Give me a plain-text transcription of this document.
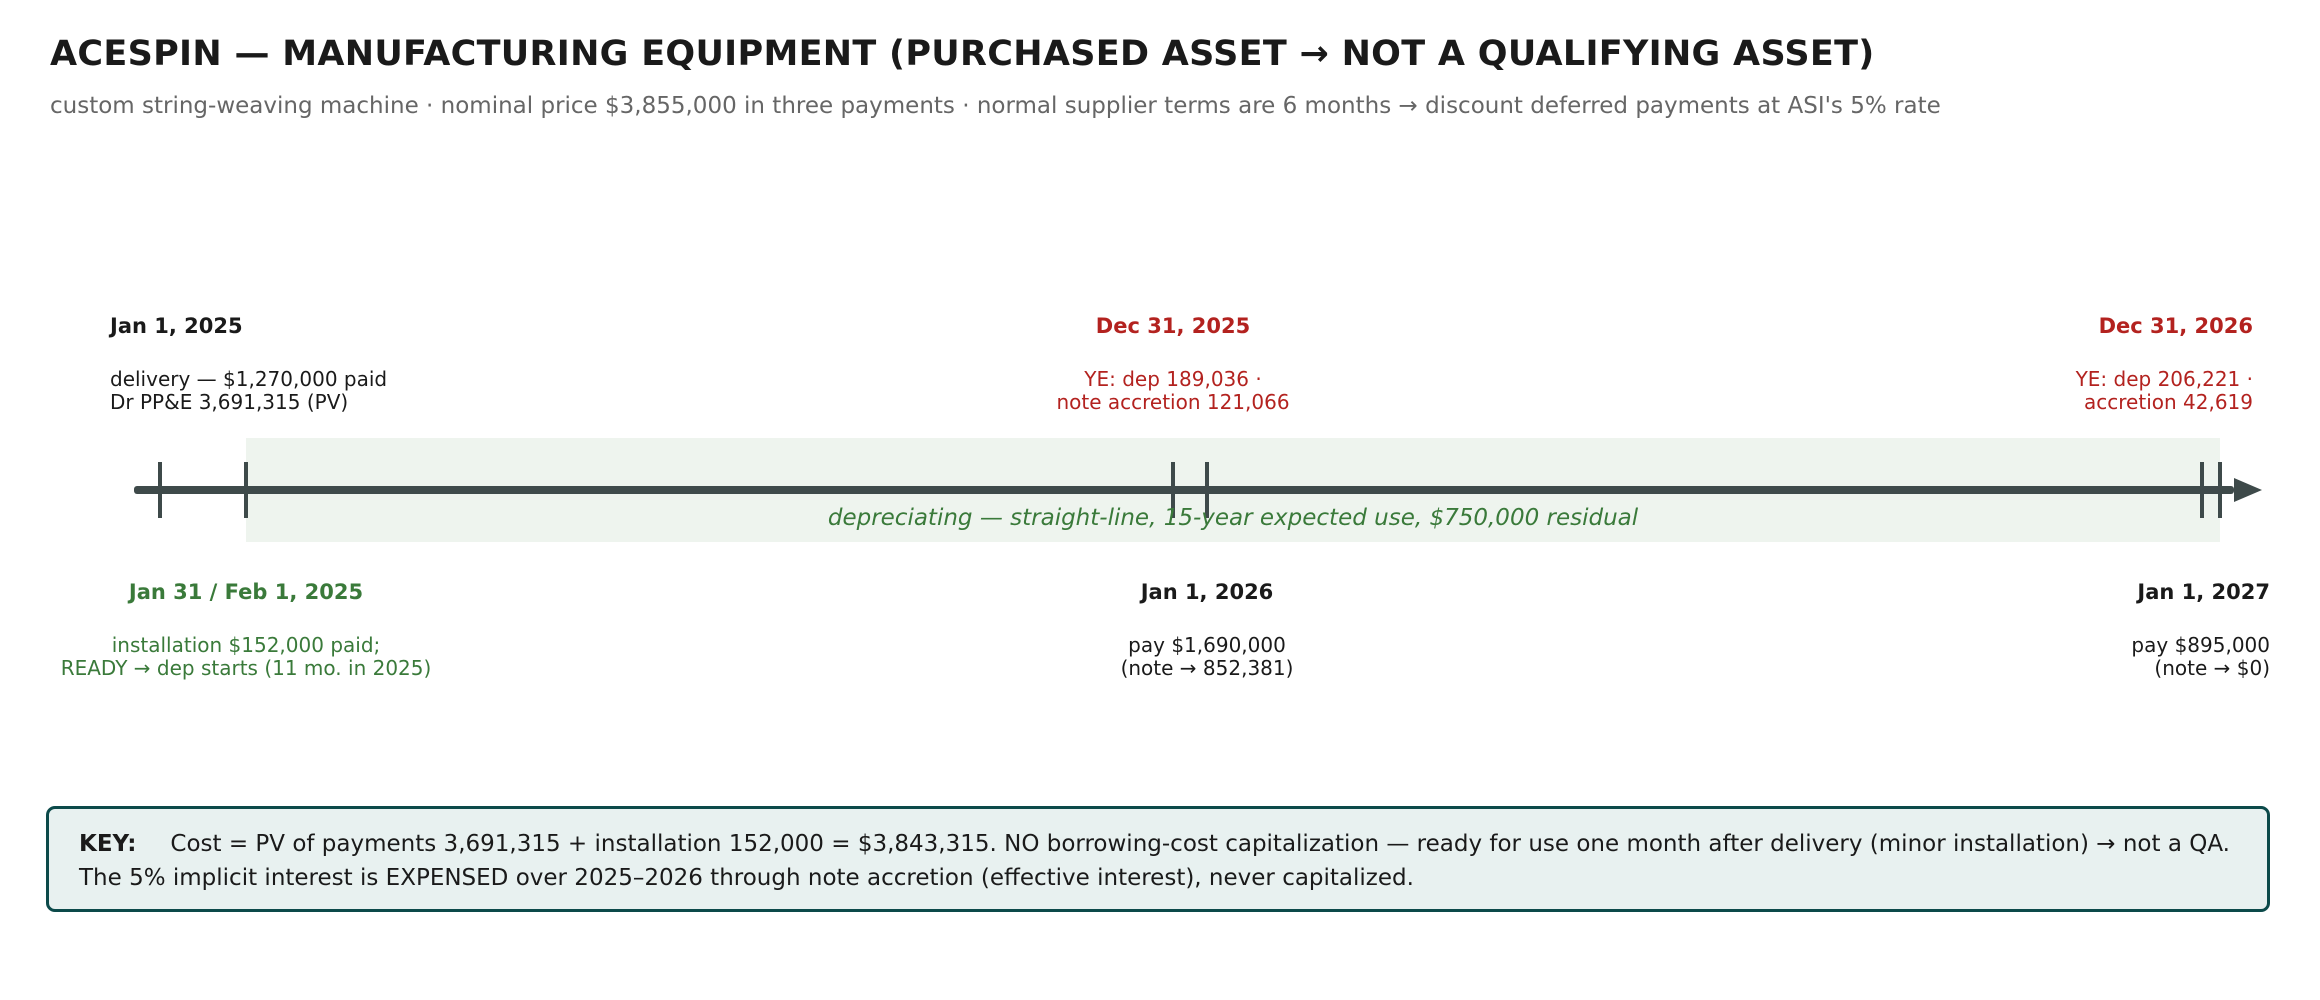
ACESPIN — MANUFACTURING EQUIPMENT (PURCHASED ASSET → NOT A QUALIFYING ASSET)
custom string-weaving machine · nominal price $3,855,000 in three payments · normal supplier terms are 6 months → discount deferred payments at ASI's 5% rate
depreciating — straight-line, 15-year expected use, $750,000 residual
Jan 1, 2025
delivery — $1,270,000 paid
Dr PP&E 3,691,315 (PV)
Dec 31, 2025
YE: dep 189,036 ·
note accretion 121,066
Dec 31, 2026
YE: dep 206,221 ·
accretion 42,619
Jan 31 / Feb 1, 2025
installation $152,000 paid;
READY → dep starts (11 mo. in 2025)
Jan 1, 2026
pay $1,690,000
(note → 852,381)
Jan 1, 2027
pay $895,000
(note → $0)
KEY: Cost = PV of payments 3,691,315 + installation 152,000 = $3,843,315. NO borrowing-cost capitalization — ready for use one month after delivery (minor installation) → not a QA. The 5% implicit interest is EXPENSED over 2025–2026 through note accretion (effective interest), never capitalized.
